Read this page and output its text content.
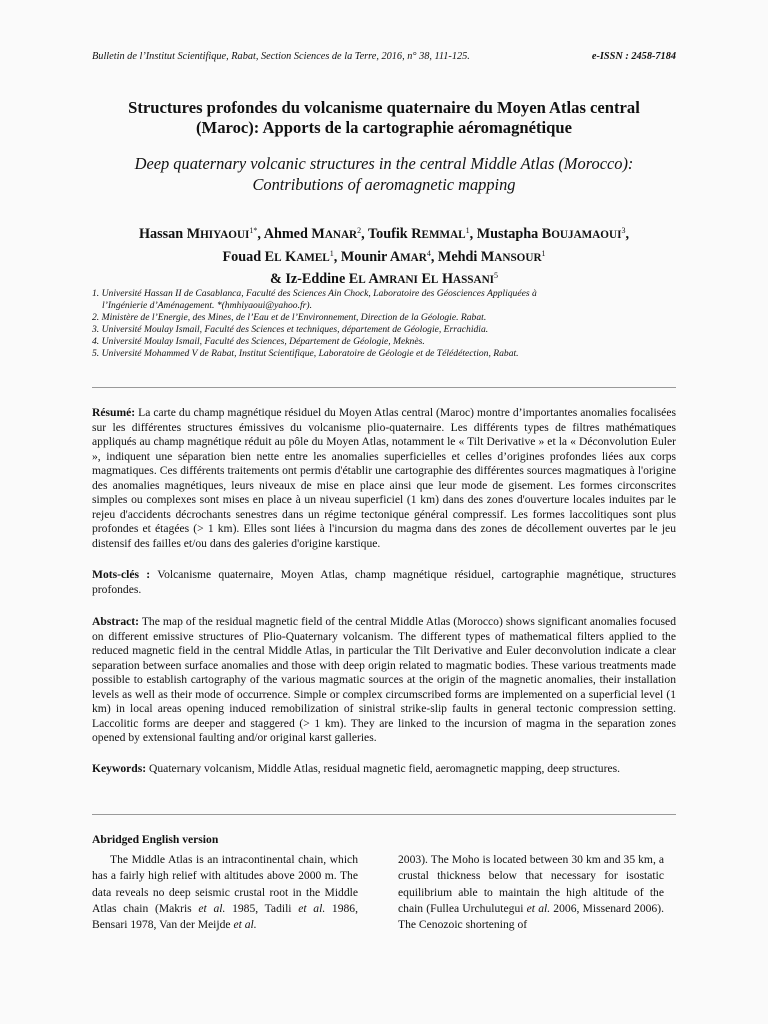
Bulletin de l’Institut Scientifique, Rabat, Section Sciences de la Terre, 2016, n° 38, 111-125.	e-ISSN : 2458-7184
Structures profondes du volcanisme quaternaire du Moyen Atlas central
(Maroc): Apports de la cartographie aéromagnétique
Deep quaternary volcanic structures in the central Middle Atlas (Morocco):
Contributions of aeromagnetic mapping
Hassan $MHIYAOUI^{1*}$, Ahmed MANAR$^2$, Toufik REMMAL$^1$, Mustapha BOUJAMAOUI$^3$,
Fouad EL KAMEL$^1$, Mounir AMAR$^4$, Mehdi MANSOUR$^1$
& Iz-Eddine EL AMRANI EL HASSANI$^5$
1. Université Hassan II de Casablanca, Faculté des Sciences Ain Chock, Laboratoire des Géosciences Appliquées à
l’Ingénierie d’Aménagement. *(hmhiyaoui@yahoo.fr).
2. Ministère de l’Energie, des Mines, de l’Eau et de l’Environnement, Direction de la Géologie. Rabat.
3. Université Moulay Ismail, Faculté des Sciences et techniques, département de Géologie, Errachidia.
4. Université Moulay Ismail, Faculté des Sciences, Département de Géologie, Meknès.
5. Université Mohammed V de Rabat, Institut Scientifique, Laboratoire de Géologie et de Télédétection, Rabat.
Résumé: La carte du champ magnétique résiduel du Moyen Atlas central (Maroc) montre d’importantes anomalies focalisées sur les différentes structures émissives du volcanisme plio-quaternaire. Les différents types de filtres mathématiques appliqués au champ magnétique réduit au pôle du Moyen Atlas, notamment le « Tilt Derivative » et la « Déconvolution Euler », indiquent une séparation bien nette entre les anomalies superficielles et celles d’origines profondes liées aux corps magmatiques. Ces différents traitements ont permis d'établir une cartographie des différentes sources magmatiques à l'origine des anomalies magnétiques, leurs niveaux de mise en place ainsi que leur mode de gisement. Les formes circonscrites simples ou complexes sont mises en place à un niveau superficiel (1 km) dans des zones d'ouverture locales induites par le rejeu d'accidents décrochants senestres dans un régime tectonique général compressif. Les formes laccolitiques sont plus profondes et étagées (> 1 km). Elles sont liées à l'incursion du magma dans des zones de décollement ouvertes par le jeu distensif des failles et/ou dans des galeries d'origine karstique.
Mots-clés : Volcanisme quaternaire, Moyen Atlas, champ magnétique résiduel, cartographie magnétique, structures profondes.
Abstract: The map of the residual magnetic field of the central Middle Atlas (Morocco) shows significant anomalies focused on different emissive structures of Plio-Quaternary volcanism. The different types of mathematical filters applied to the reduced magnetic field in the central Middle Atlas, in particular the Tilt Derivative and Euler deconvolution indicate a clear separation between surface anomalies and those with deep origin related to magmatic bodies. These various treatments made possible to establish cartography of the various magmatic sources at the origin of the magnetic anomalies, their installation levels as well as their mode of occurrence. Simple or complex circumscribed forms are implemented on a superficial level (1 km) in local areas opening induced remobilization of sinistral strike-slip faults in general tectonic compression setting. Laccolitic forms are deeper and staggered (> 1 km). They are linked to the incursion of magma in the separation zones opened by extensional faulting and/or original karst galleries.
Keywords: Quaternary volcanism, Middle Atlas, residual magnetic field, aeromagnetic mapping, deep structures.
Abridged English version
The Middle Atlas is an intracontinental chain, which has a fairly high relief with altitudes above 2000 m. The data reveals no deep seismic crustal root in the Middle Atlas chain (Makris et al. 1985, Tadili et al. 1986, Bensari 1978, Van der Meijde et al.
2003). The Moho is located between 30 km and 35 km, a crustal thickness below that necessary for isostatic equilibrium able to maintain the high altitude of the chain (Fullea Urchulutegui et al. 2006, Missenard 2006). The Cenozoic shortening of
